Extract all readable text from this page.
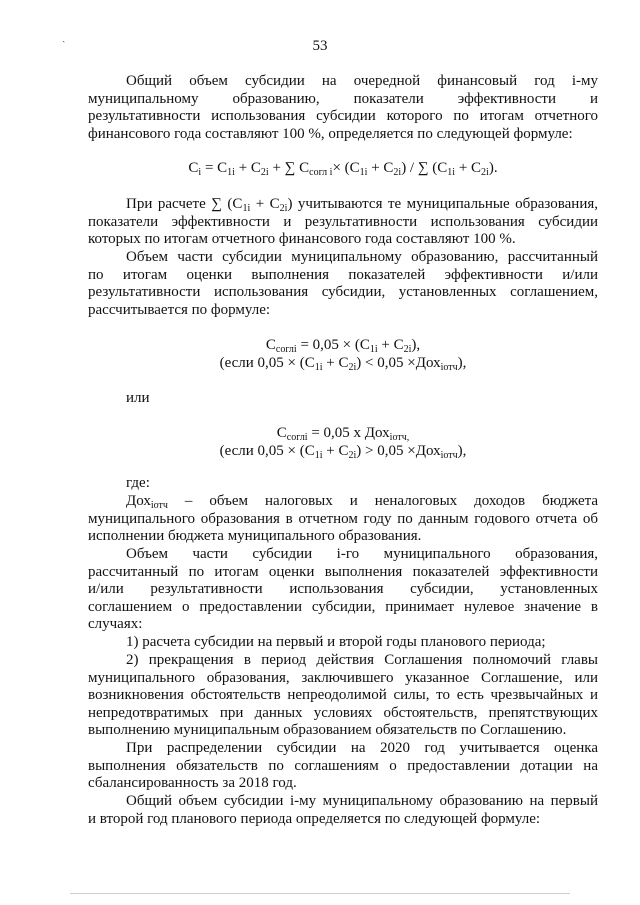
ˏ
53
Общий объем субсидии на очередной финансовый год i-му
муниципальному образованию, показатели эффективности и
результативности использования субсидии которого по итогам отчетного
финансового года составляют 100 %, определяется по следующей формуле:
$C_i = C_{1i} + C_{2i}$ + ∑ $C_{согл i}\times (C_{1i} + C_{2i})$ / ∑ $(C_{1i} + C_{2i})$.
При расчете ∑ $(C_{1i} + C_{2i})$ учитываются те муниципальные образования,
показатели эффективности и результативности использования субсидии
которых по итогам отчетного финансового года составляют 100 %.
Объем части субсидии муниципальному образованию, рассчитанный
по итогам оценки выполнения показателей эффективности и/или
результативности использования субсидии, установленных соглашением,
рассчитывается по формуле:
$C_{соглi} = 0,05 \times (C_{1i} + C_{2i})$,
(если $0,05 \times (C_{1i} + C_{2i}) < 0,05 \times Дох_{iотч}$),
или
$C_{соглi} = 0,05$ х Дох$_{iотч,}$
(если $0,05 \times (C_{1i} + C_{2i}) > 0,05 \times Дох_{iотч}$),
где:
Дох$_{iотч}$ – объем налоговых и неналоговых доходов бюджета
муниципального образования в отчетном году по данным годового отчета об
исполнении бюджета муниципального образования.
Объем части субсидии i-го муниципального образования,
рассчитанный по итогам оценки выполнения показателей эффективности
и/или результативности использования субсидии, установленных
соглашением о предоставлении субсидии, принимает нулевое значение в
случаях:
1) расчета субсидии на первый и второй годы планового периода;
2) прекращения в период действия Соглашения полномочий главы
муниципального образования, заключившего указанное Соглашение, или
возникновения обстоятельств непреодолимой силы, то есть чрезвычайных и
непредотвратимых при данных условиях обстоятельств, препятствующих
выполнению муниципальным образованием обязательств по Соглашению.
При распределении субсидии на 2020 год учитывается оценка
выполнения обязательств по соглашениям о предоставлении дотации на
сбалансированность за 2018 год.
Общий объем субсидии i-му муниципальному образованию на первый
и второй год планового периода определяется по следующей формуле:
